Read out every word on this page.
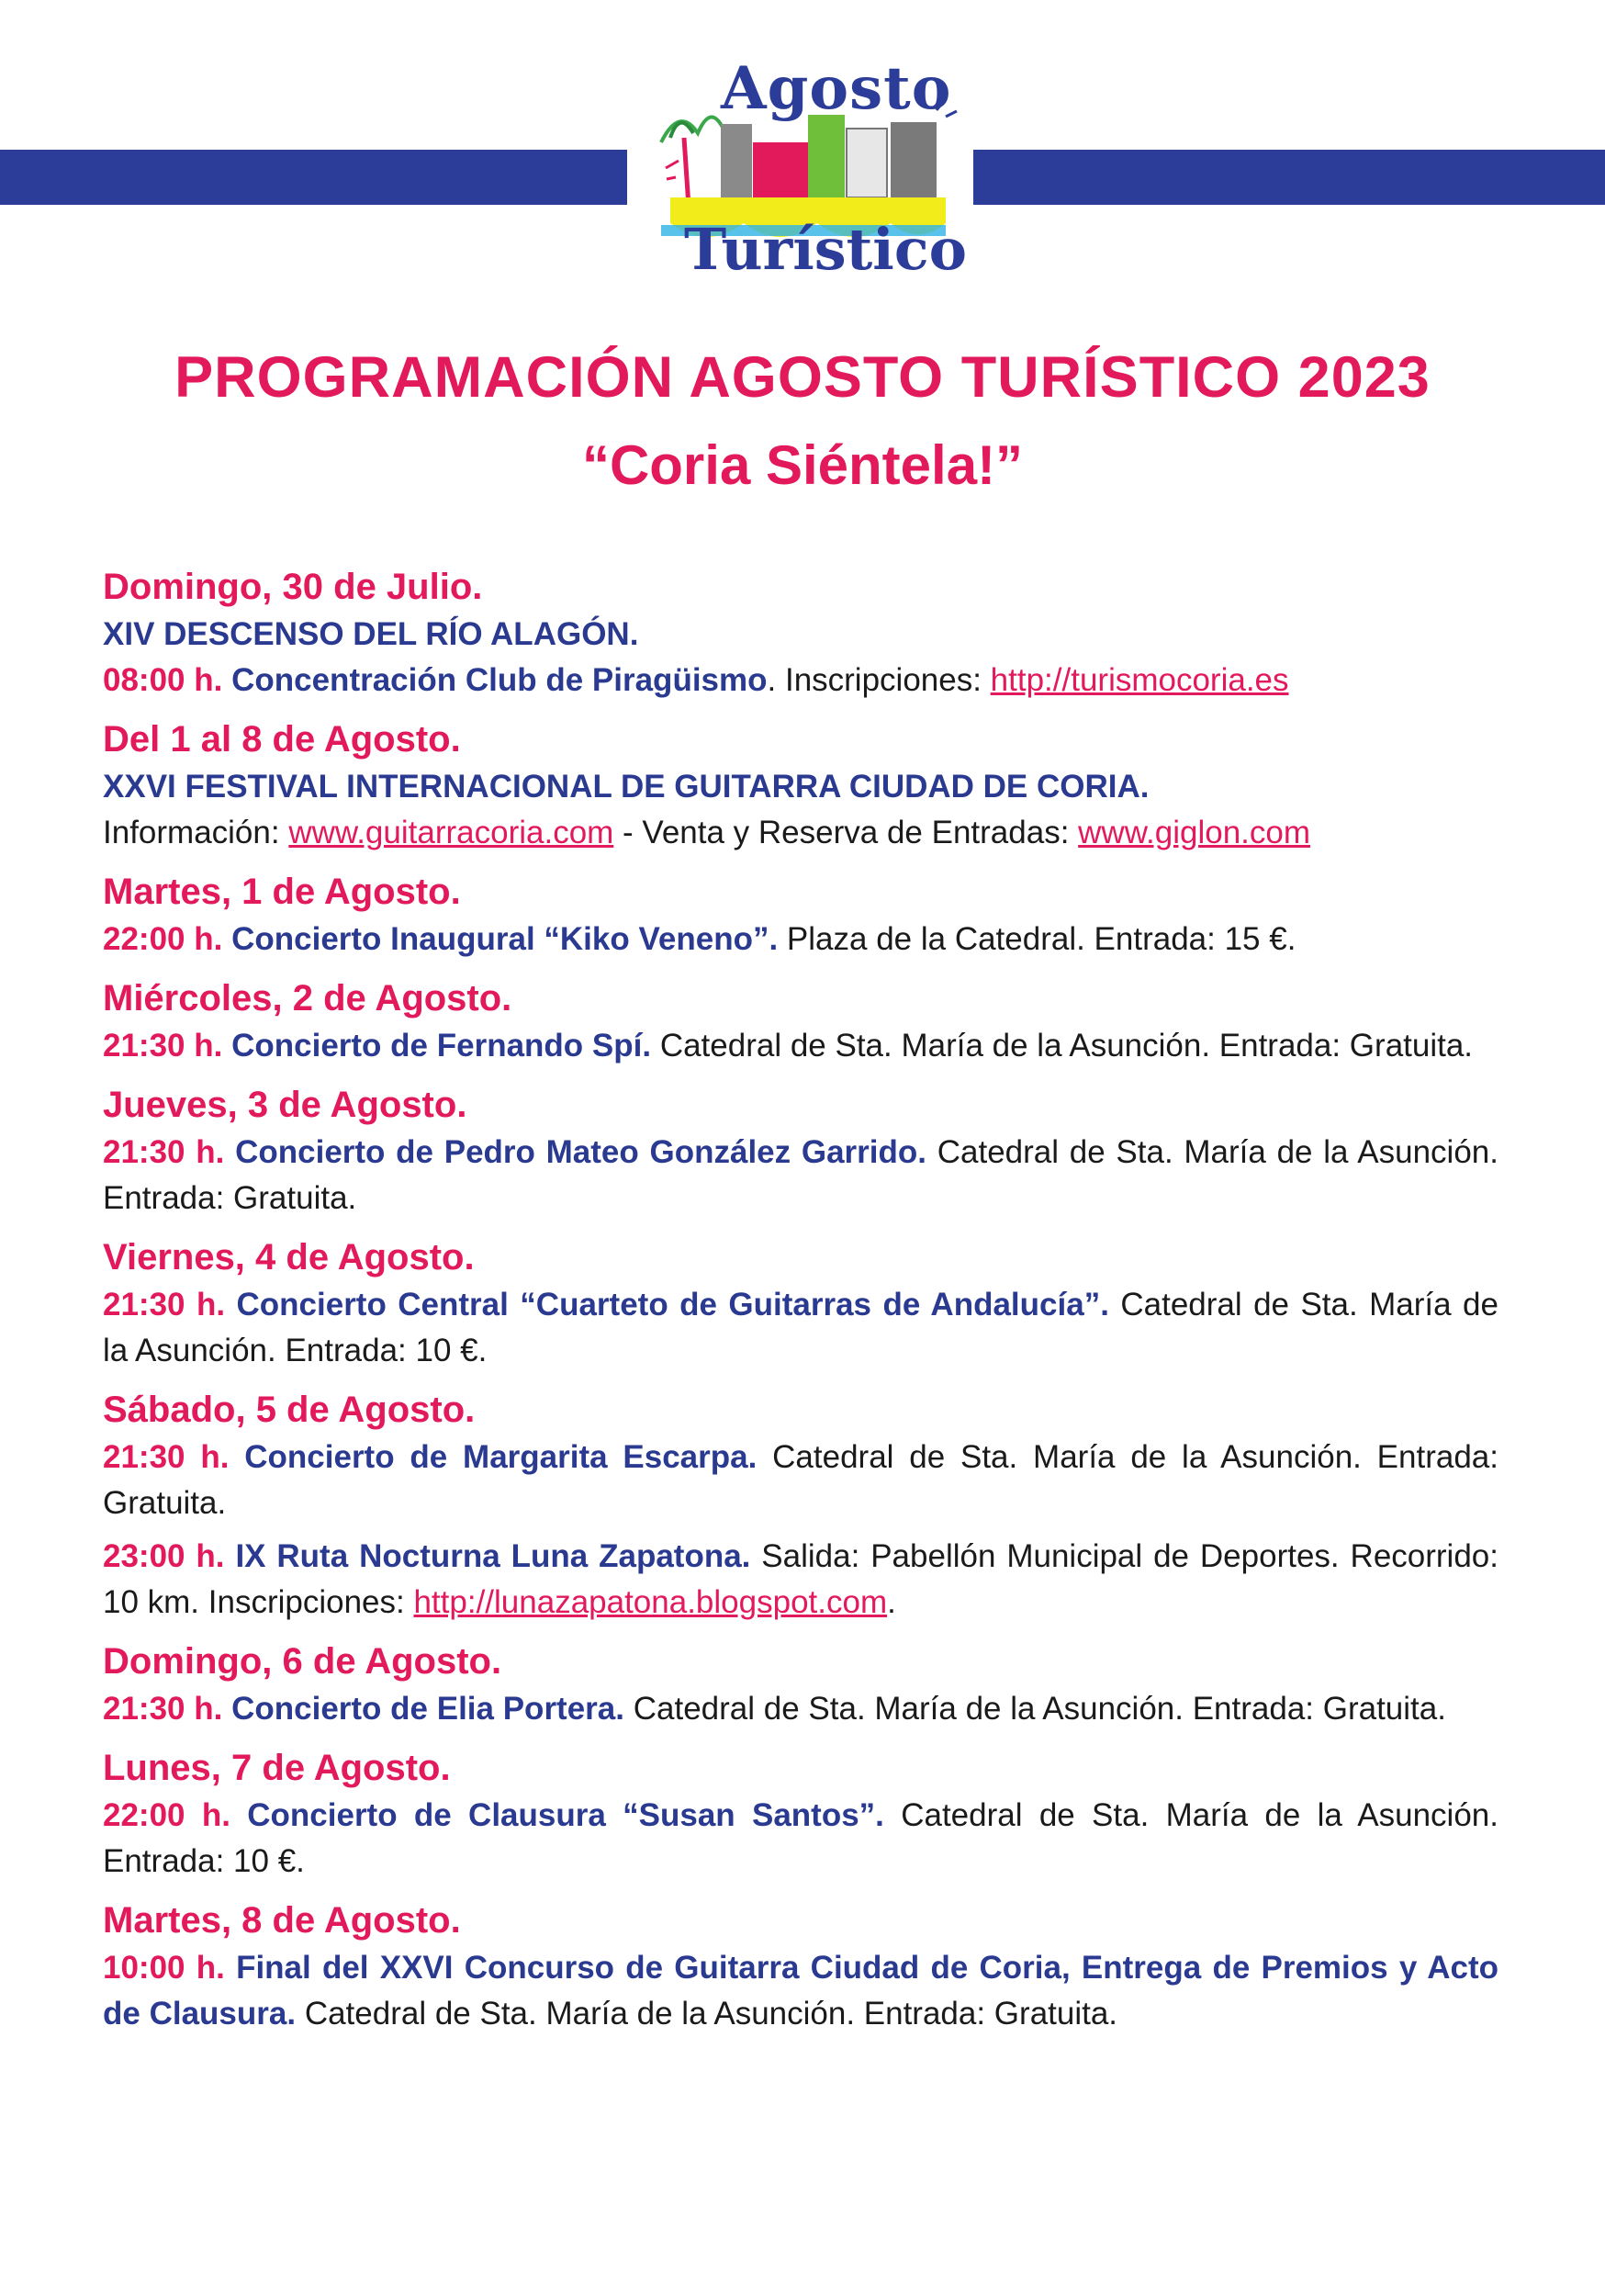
Agosto
Turístico
PROGRAMACIÓN AGOSTO TURÍSTICO 2023
“Coria Siéntela!”
Domingo, 30 de Julio.
XIV DESCENSO DEL RÍO ALAGÓN.
08:00 h. Concentración Club de Piragüismo. Inscripciones: http://turismocoria.es
Del 1 al 8 de Agosto.
XXVI FESTIVAL INTERNACIONAL DE GUITARRA CIUDAD DE CORIA.
Información: www.guitarracoria.com - Venta y Reserva de Entradas: www.giglon.com
Martes, 1 de Agosto.
22:00 h. Concierto Inaugural “Kiko Veneno”. Plaza de la Catedral. Entrada: 15 €.
Miércoles, 2 de Agosto.
21:30 h. Concierto de Fernando Spí. Catedral de Sta. María de la Asunción. Entrada: Gratuita.
Jueves, 3 de Agosto.
21:30 h. Concierto de Pedro Mateo González Garrido. Catedral de Sta. María de la Asunción. Entrada: Gratuita.
Viernes, 4 de Agosto.
21:30 h. Concierto Central “Cuarteto de Guitarras de Andalucía”. Catedral de Sta. María de la Asunción. Entrada: 10 €.
Sábado, 5 de Agosto.
21:30 h. Concierto de Margarita Escarpa. Catedral de Sta. María de la Asunción. Entrada: Gratuita.
23:00 h. IX Ruta Nocturna Luna Zapatona. Salida: Pabellón Municipal de Deportes. Recorrido: 10 km. Inscripciones: http://lunazapatona.blogspot.com.
Domingo, 6 de Agosto.
21:30 h. Concierto de Elia Portera. Catedral de Sta. María de la Asunción. Entrada: Gratuita.
Lunes, 7 de Agosto.
22:00 h. Concierto de Clausura “Susan Santos”. Catedral de Sta. María de la Asunción. Entrada: 10 €.
Martes, 8 de Agosto.
10:00 h. Final del XXVI Concurso de Guitarra Ciudad de Coria, Entrega de Premios y Acto de Clausura. Catedral de Sta. María de la Asunción. Entrada: Gratuita.
